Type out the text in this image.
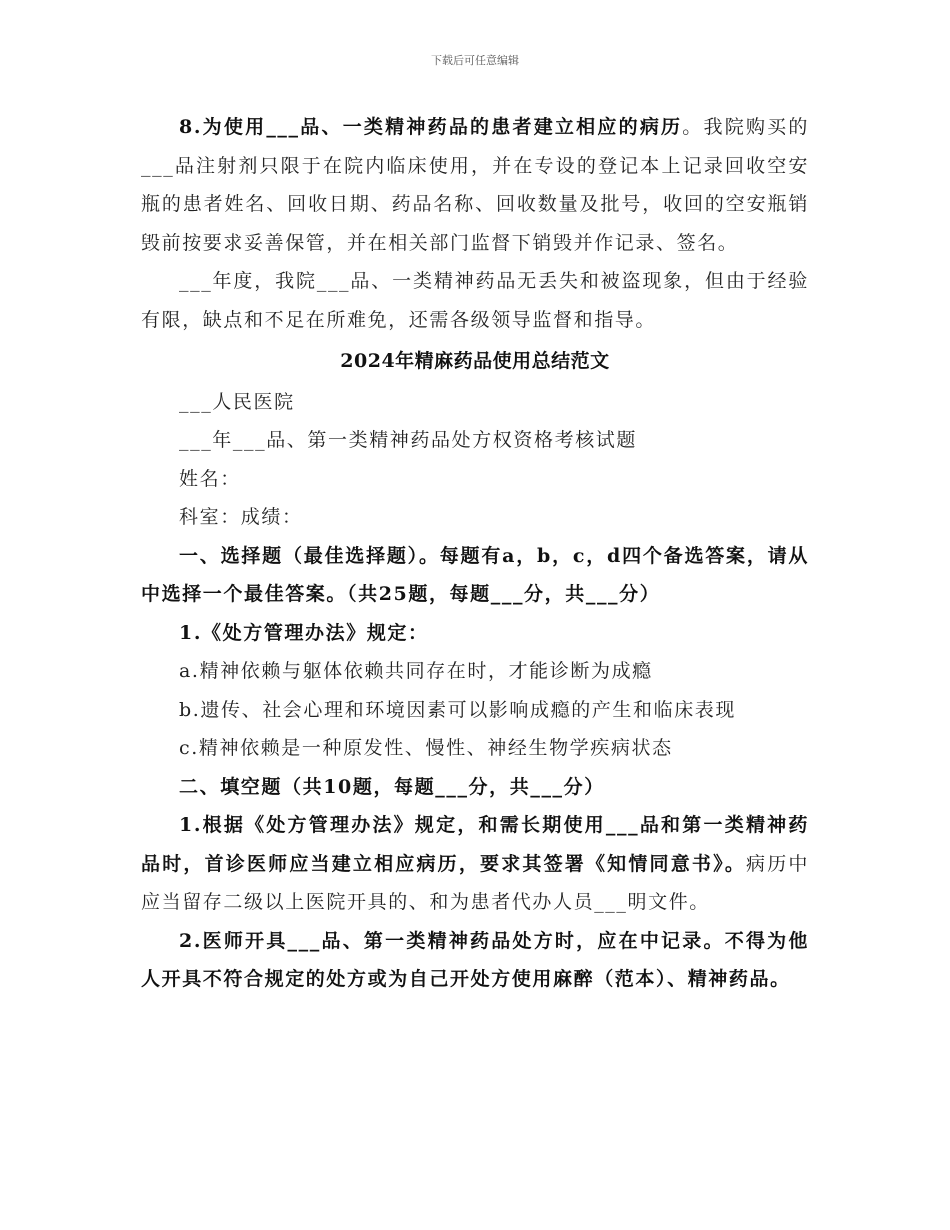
下载后可任意编辑

8.为使用___品、一类精神药品的患者建立相应的病历。我院购买的___品注射剂只限于在院内临床使用，并在专设的登记本上记录回收空安瓶的患者姓名、回收日期、药品名称、回收数量及批号，收回的空安瓶销毁前按要求妥善保管，并在相关部门监督下销毁并作记录、签名。

___年度，我院___品、一类精神药品无丢失和被盗现象，但由于经验有限，缺点和不足在所难免，还需各级领导监督和指导。

2024年精麻药品使用总结范文

___人民医院

___年___品、第一类精神药品处方权资格考核试题

姓名：

科室：成绩：

一、选择题（最佳选择题）。每题有a，b，c，d四个备选答案，请从中选择一个最佳答案。（共25题，每题___分，共___分）

1.《处方管理办法》规定：

a.精神依赖与躯体依赖共同存在时，才能诊断为成瘾

b.遗传、社会心理和环境因素可以影响成瘾的产生和临床表现

c.精神依赖是一种原发性、慢性、神经生物学疾病状态

二、填空题（共10题，每题___分，共___分）

1.根据《处方管理办法》规定，和需长期使用___品和第一类精神药品时，首诊医师应当建立相应病历，要求其签署《知情同意书》。病历中应当留存二级以上医院开具的、和为患者代办人员___明文件。

2.医师开具___品、第一类精神药品处方时，应在中记录。不得为他人开具不符合规定的处方或为自己开处方使用麻醉（范本）、精神药品。
